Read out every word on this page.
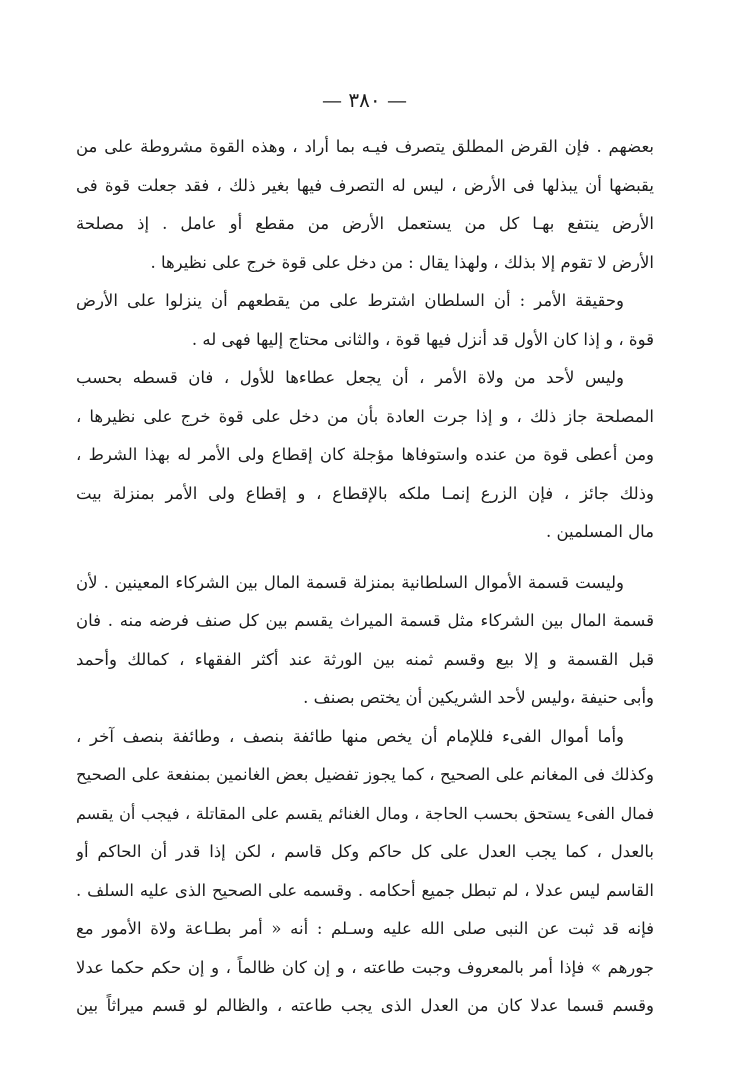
— ٣٨٠ —
بعضهم . فإن القرض المطلق يتصرف فيـه بما أراد ، وهذه القوة مشروطة على من
يقبضها أن يبذلها فى الأرض ، ليس له التصرف فيها بغير ذلك ، فقد جعلت قوة فى
الأرض ينتفع بهـا كل من يستعمل الأرض من مقطع أو عامل . إذ مصلحة
الأرض لا تقوم إلا بذلك ، ولهذا يقال : من دخل على قوة خرج على نظيرها .
وحقيقة الأمر : أن السلطان اشترط على من يقطعهم أن ينزلوا على الأرض
قوة ، و إذا كان الأول قد أنزل فيها قوة ، والثانى محتاج إليها فهى له .
وليس لأحد من ولاة الأمر ، أن يجعل عطاءها للأول ، فان قسطه بحسب
المصلحة جاز ذلك ، و إذا جرت العادة بأن من دخل على قوة خرج على نظيرها ،
ومن أعطى قوة من عنده واستوفاها مؤجلة كان إقطاع ولى الأمر له بهذا الشرط ،
وذلك جائز ، فإن الزرع إنمـا ملكه بالإقطاع ، و إقطاع ولى الأمر بمنزلة بيت
مال المسلمين .
وليست قسمة الأموال السلطانية بمنزلة قسمة المال بين الشركاء المعينين . لأن
قسمة المال بين الشركاء مثل قسمة الميراث يقسم بين كل صنف فرضه منه . فان
قبل القسمة و إلا بيع وقسم ثمنه بين الورثة عند أكثر الفقهاء ، كمالك وأحمد
وأبى حنيفة ،وليس لأحد الشريكين أن يختص بصنف .
وأما أموال الفىء فللإمام أن يخص منها طائفة بنصف ، وطائفة بنصف آخر ،
وكذلك فى المغانم على الصحيح ، كما يجوز تفضيل بعض الغانمين بمنفعة على الصحيح
فمال الفىء يستحق بحسب الحاجة ، ومال الغنائم يقسم على المقاتلة ، فيجب أن يقسم
بالعدل ، كما يجب العدل على كل حاكم وكل قاسم ، لكن إذا قدر أن الحاكم أو
القاسم ليس عدلا ، لم تبطل جميع أحكامه . وقسمه على الصحيح الذى عليه السلف .
فإنه قد ثبت عن النبى صلى الله عليه وسـلم : أنه « أمر بطـاعة ولاة الأمور مع
جورهم » فإذا أمر بالمعروف وجبت طاعته ، و إن كان ظالماً ، و إن حكم حكما عدلا
وقسم قسما عدلا كان من العدل الذى يجب طاعته ، والظالم لو قسم ميراثاً بين
